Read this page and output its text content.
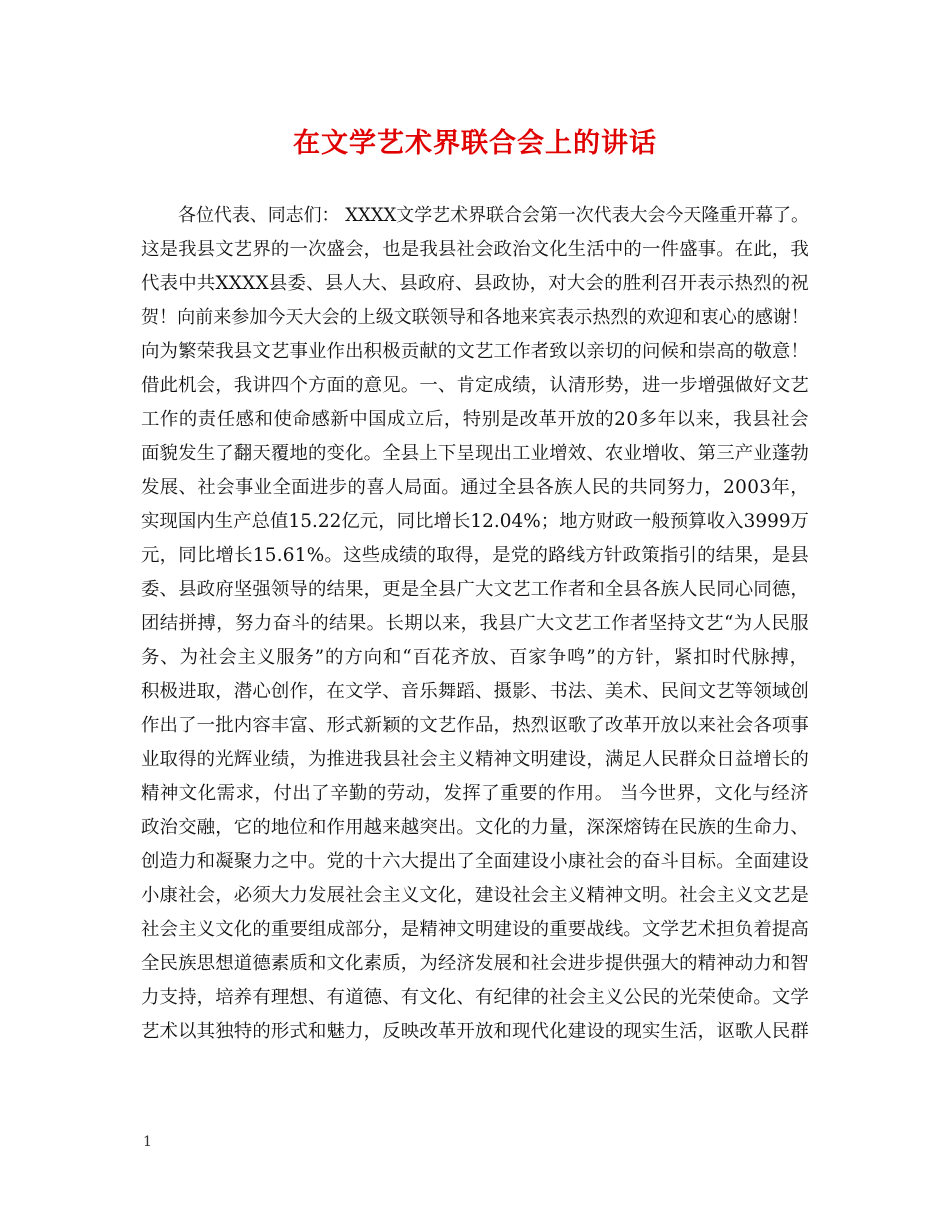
在文学艺术界联合会上的讲话
各位代表、同志们： XXXX文学艺术界联合会第一次代表大会今天隆重开幕了。
这是我县文艺界的一次盛会，也是我县社会政治文化生活中的一件盛事。在此，我
代表中共XXXX县委、县人大、县政府、县政协，对大会的胜利召开表示热烈的祝
贺！向前来参加今天大会的上级文联领导和各地来宾表示热烈的欢迎和衷心的感谢！
向为繁荣我县文艺事业作出积极贡献的文艺工作者致以亲切的问候和崇高的敬意！
借此机会，我讲四个方面的意见。一、肯定成绩，认清形势，进一步增强做好文艺
工作的责任感和使命感新中国成立后，特别是改革开放的20多年以来，我县社会
面貌发生了翻天覆地的变化。全县上下呈现出工业增效、农业增收、第三产业蓬勃
发展、社会事业全面进步的喜人局面。通过全县各族人民的共同努力，2003年，
实现国内生产总值15.22亿元，同比增长12.04%；地方财政一般预算收入3999万
元，同比增长15.61%。这些成绩的取得，是党的路线方针政策指引的结果，是县
委、县政府坚强领导的结果，更是全县广大文艺工作者和全县各族人民同心同德，
团结拼搏，努力奋斗的结果。长期以来，我县广大文艺工作者坚持文艺“为人民服
务、为社会主义服务”的方向和“百花齐放、百家争鸣”的方针，紧扣时代脉搏，
积极进取，潜心创作，在文学、音乐舞蹈、摄影、书法、美术、民间文艺等领域创
作出了一批内容丰富、形式新颖的文艺作品，热烈讴歌了改革开放以来社会各项事
业取得的光辉业绩，为推进我县社会主义精神文明建设，满足人民群众日益增长的
精神文化需求，付出了辛勤的劳动，发挥了重要的作用。 当今世界，文化与经济
政治交融，它的地位和作用越来越突出。文化的力量，深深熔铸在民族的生命力、
创造力和凝聚力之中。党的十六大提出了全面建设小康社会的奋斗目标。全面建设
小康社会，必须大力发展社会主义文化，建设社会主义精神文明。社会主义文艺是
社会主义文化的重要组成部分，是精神文明建设的重要战线。文学艺术担负着提高
全民族思想道德素质和文化素质，为经济发展和社会进步提供强大的精神动力和智
力支持，培养有理想、有道德、有文化、有纪律的社会主义公民的光荣使命。文学
艺术以其独特的形式和魅力，反映改革开放和现代化建设的现实生活，讴歌人民群
1
